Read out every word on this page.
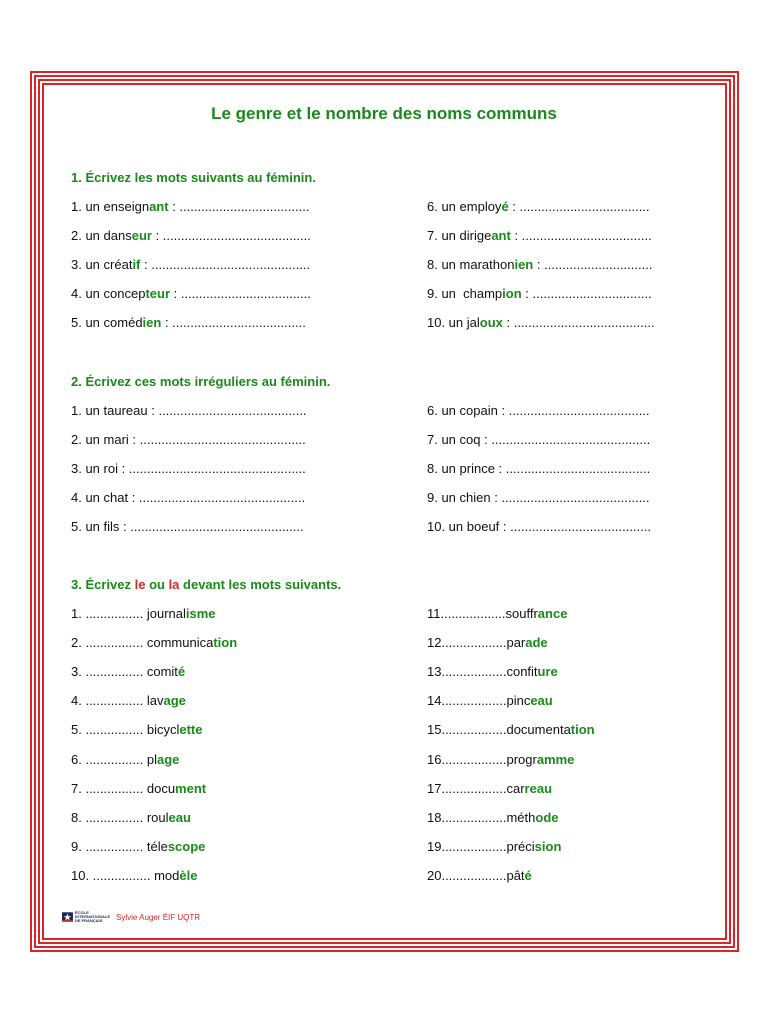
Le genre et le nombre des noms communs
1. Écrivez les mots suivants au féminin.
1. un enseignant : ....................................
2. un danseur : .........................................
3. un créatif : ............................................
4. un concepteur : ....................................
5. un comédien : .....................................
6. un employé : ....................................
7. un dirigeant : ....................................
8. un marathonien : ..............................
9. un  champion : .................................
10. un jaloux : .......................................
2. Écrivez ces mots irréguliers au féminin.
1. un taureau : .........................................
2. un mari : ..............................................
3. un roi : .................................................
4. un chat : ..............................................
5. un fils : ................................................
6. un copain : .......................................
7. un coq : ............................................
8. un prince : ........................................
9. un chien : .........................................
10. un boeuf : .......................................
3. Écrivez le ou la devant les mots suivants.
1. ................ journalisme
2. ................ communication
3. ................ comité
4. ................ lavage
5. ................ bicyclette
6. ................ plage
7. ................ document
8. ................ rouleau
9. ................ télescope
10. ................ modèle
11..................souffrance
12..................parade
13..................confiture
14..................pinceau
15..................documentation
16..................programme
17..................carreau
18..................méthode
19..................précision
20..................pâté
ÉCOLE
INTERNATIONALE
DE FRANÇAIS	Sylvie Auger ÉIF UQTR
